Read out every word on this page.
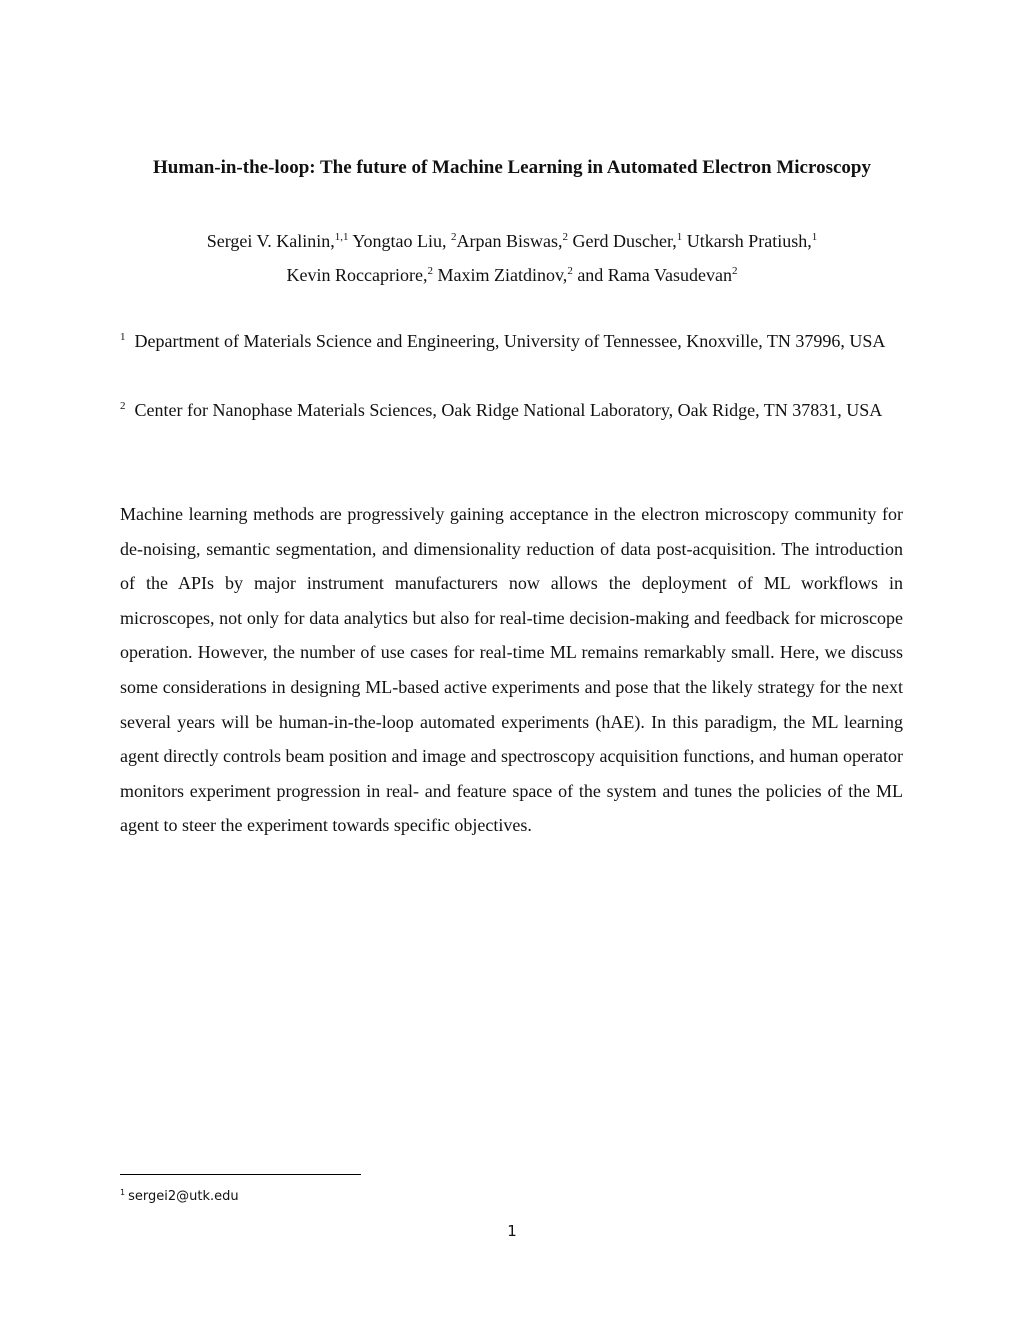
Human-in-the-loop: The future of Machine Learning in Automated Electron Microscopy
Sergei V. Kalinin,$^{1,1}$ Yongtao Liu, $^2$Arpan Biswas,$^2$ Gerd Duscher,$^1$ Utkarsh Pratiush,$^1$
Kevin Roccapriore,$^2$ Maxim Ziatdinov,$^2$ and Rama Vasudevan$^2$
$^1$ Department of Materials Science and Engineering, University of Tennessee, Knoxville, TN 37996, USA
$^2$ Center for Nanophase Materials Sciences, Oak Ridge National Laboratory, Oak Ridge, TN 37831, USA
Machine learning methods are progressively gaining acceptance in the electron microscopy community for de-noising, semantic segmentation, and dimensionality reduction of data post-acquisition. The introduction of the APIs by major instrument manufacturers now allows the deployment of ML workflows in microscopes, not only for data analytics but also for real-time decision-making and feedback for microscope operation. However, the number of use cases for real-time ML remains remarkably small. Here, we discuss some considerations in designing ML-based active experiments and pose that the likely strategy for the next several years will be human-in-the-loop automated experiments (hAE). In this paradigm, the ML learning agent directly controls beam position and image and spectroscopy acquisition functions, and human operator monitors experiment progression in real- and feature space of the system and tunes the policies of the ML agent to steer the experiment towards specific objectives.
$^1$ sergei2@utk.edu
1
